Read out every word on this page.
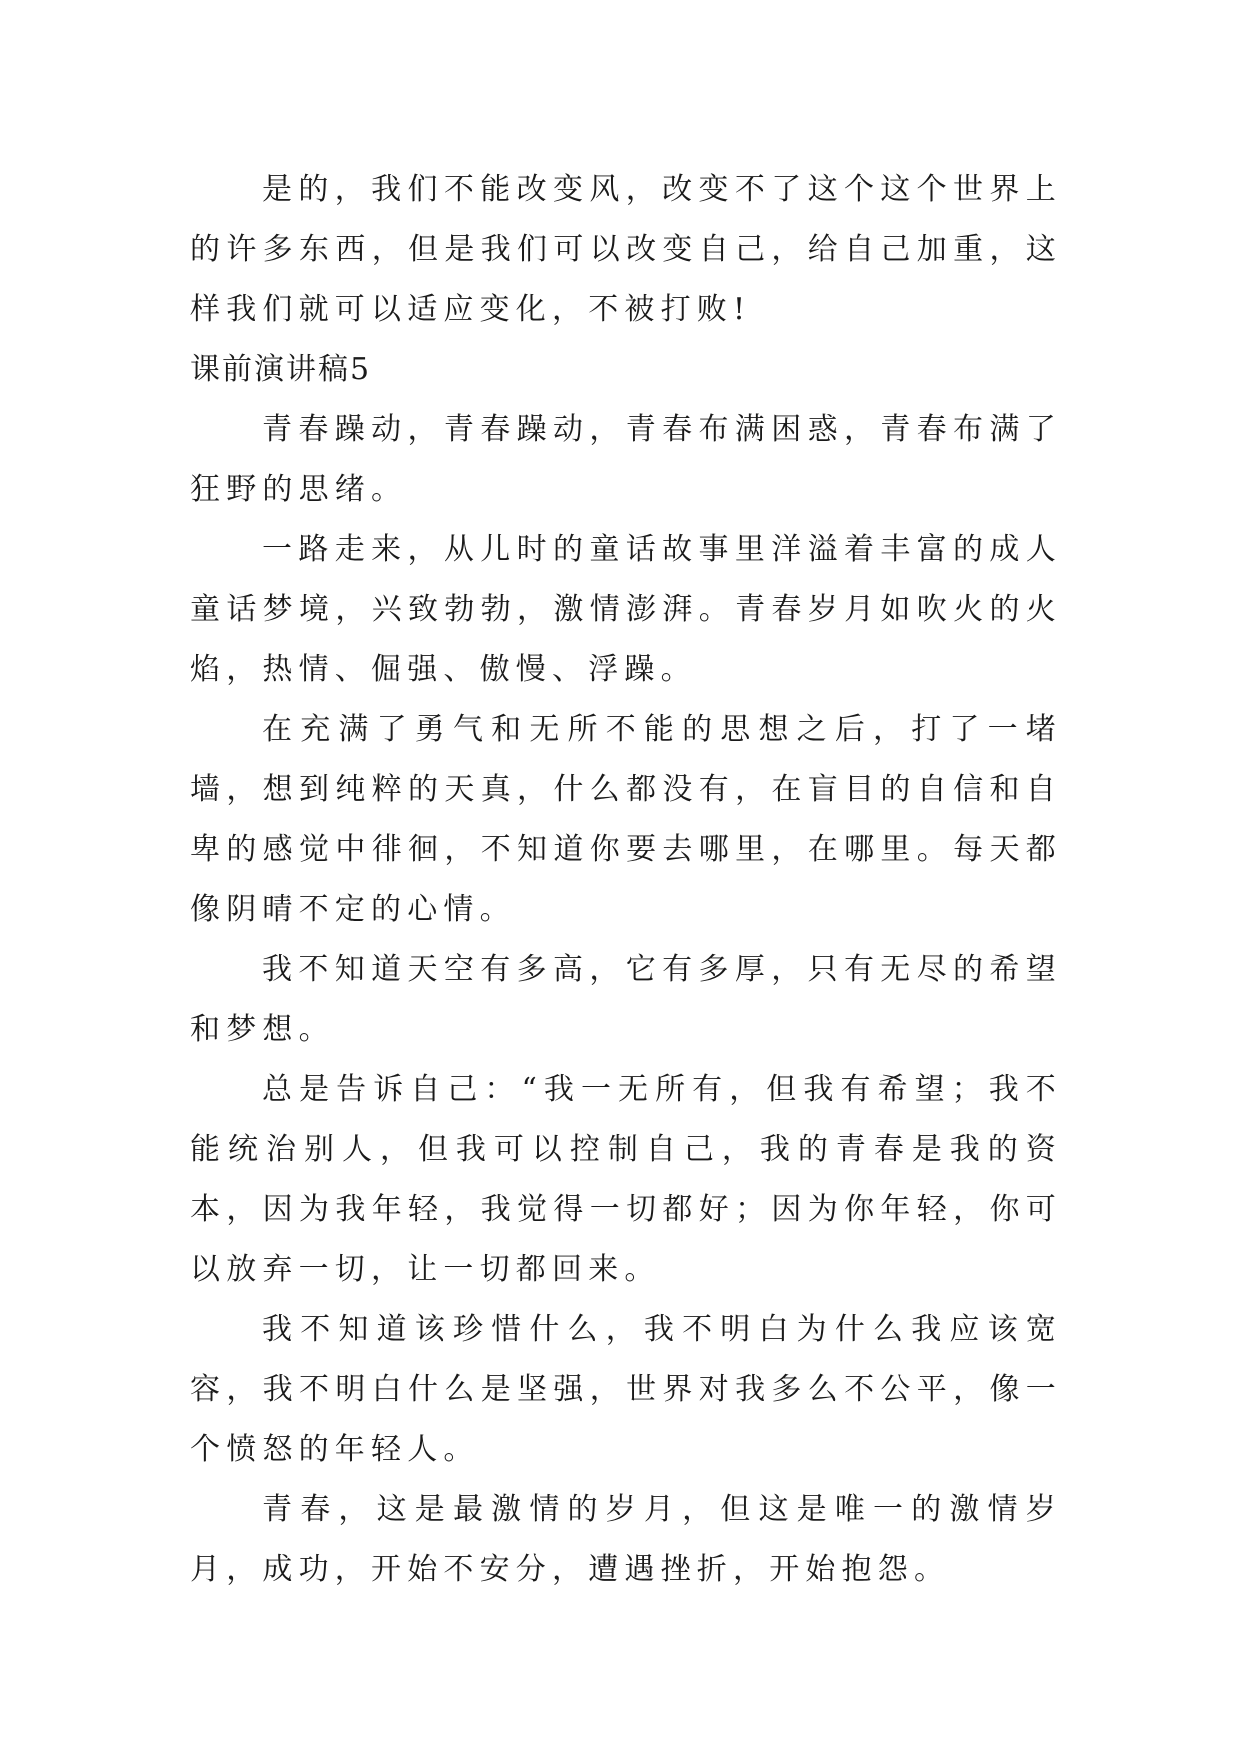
是的，我们不能改变风，改变不了这个这个世界上的许多东西，但是我们可以改变自己，给自己加重，这样我们就可以适应变化，不被打败!

课前演讲稿5

青春躁动，青春躁动，青春布满困惑，青春布满了狂野的思绪。

一路走来，从儿时的童话故事里洋溢着丰富的成人童话梦境，兴致勃勃，激情澎湃。青春岁月如吹火的火焰，热情、倔强、傲慢、浮躁。

在充满了勇气和无所不能的思想之后，打了一堵墙，想到纯粹的天真，什么都没有，在盲目的自信和自卑的感觉中徘徊，不知道你要去哪里，在哪里。每天都像阴晴不定的心情。

我不知道天空有多高，它有多厚，只有无尽的希望和梦想。

总是告诉自己：“我一无所有，但我有希望；我不能统治别人，但我可以控制自己，我的青春是我的资本，因为我年轻，我觉得一切都好；因为你年轻，你可以放弃一切，让一切都回来。

我不知道该珍惜什么，我不明白为什么我应该宽容，我不明白什么是坚强，世界对我多么不公平，像一个愤怒的年轻人。

青春，这是最激情的岁月，但这是唯一的激情岁月，成功，开始不安分，遭遇挫折，开始抱怨。
